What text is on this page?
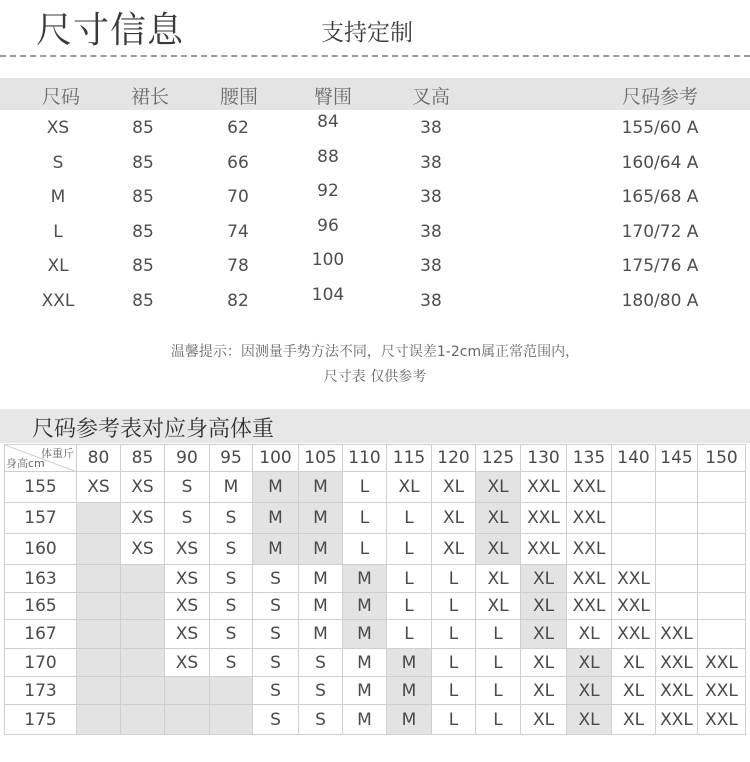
尺寸信息	支持定制
尺码	裙长	腰围	臀围	叉高	尺码参考
XS	85	62	84	38	155/60 A
S	85	66	88	38	160/64 A
M	85	70	92	38	165/68 A
L	85	74	96	38	170/72 A
XL	85	78	100	38	175/76 A
XXL	85	82	104	38	180/80 A
温馨提示：因测量手势方法不同，尺寸误差1-2cm属正常范围内，
尺寸表 仅供参考
尺码参考表对应身高体重
体重斤
身高cm	80	85	90	95	100	105	110	115	120	125	130	135	140	145	150
155	XS	XS	S	M	M	M	L	XL	XL	XL	XXL	XXL			
157		XS	S	S	M	M	L	L	XL	XL	XXL	XXL			
160		XS	XS	S	M	M	L	L	XL	XL	XXL	XXL			
163			XS	S	S	M	M	L	L	XL	XL	XXL	XXL		
165			XS	S	S	M	M	L	L	XL	XL	XXL	XXL		
167			XS	S	S	M	M	L	L	L	XL	XL	XXL	XXL	
170			XS	S	S	S	M	M	L	L	XL	XL	XL	XXL	XXL
173					S	S	M	M	L	L	XL	XL	XL	XXL	XXL
175					S	S	M	M	L	L	XL	XL	XL	XXL	XXL
